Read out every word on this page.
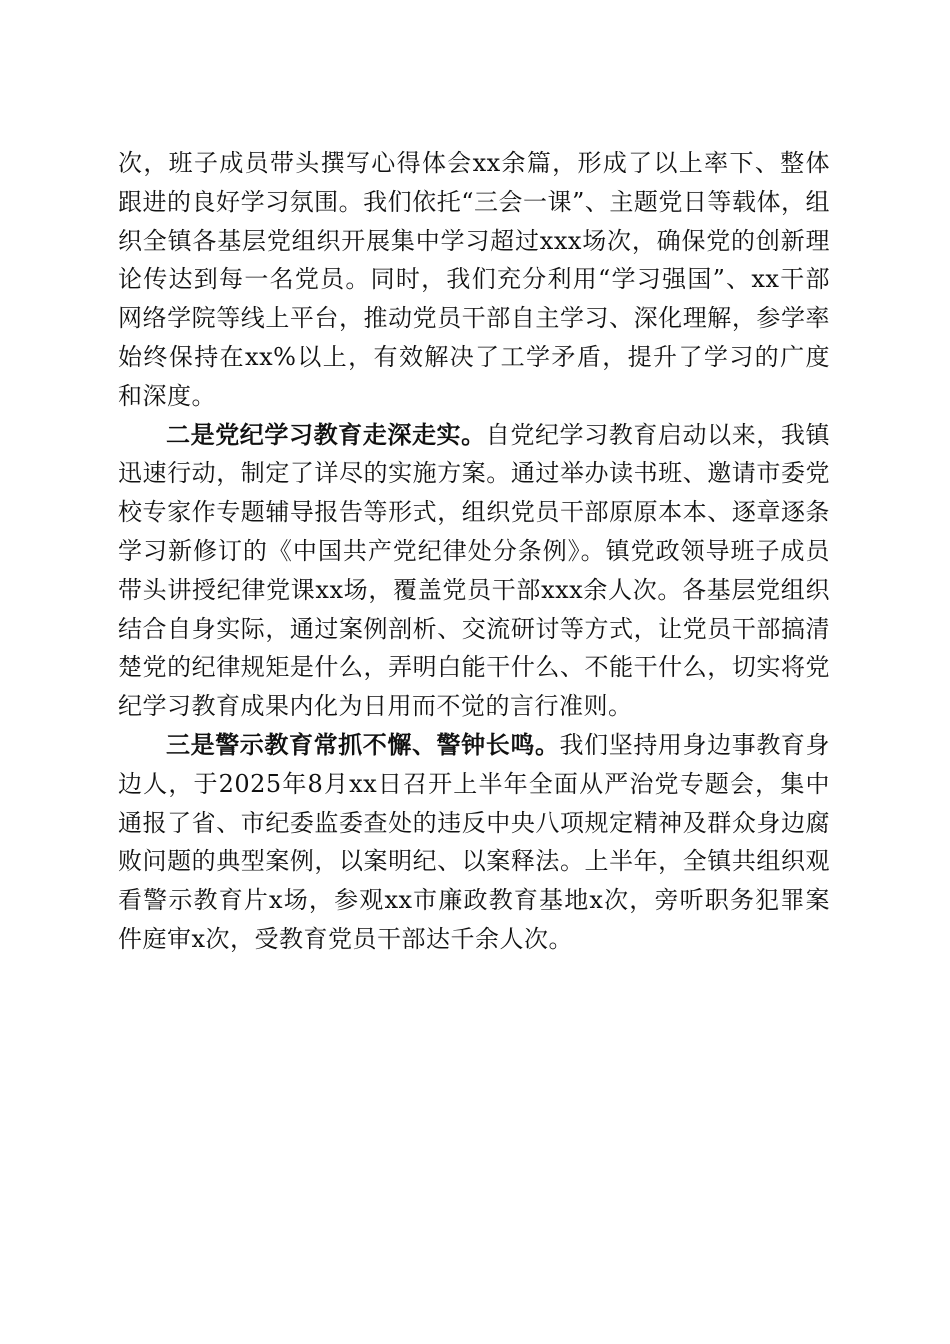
次，班子成员带头撰写心得体会xx余篇，形成了以上率下、整体跟进的良好学习氛围。我们依托“三会一课”、主题党日等载体，组织全镇各基层党组织开展集中学习超过xxx场次，确保党的创新理论传达到每一名党员。同时，我们充分利用“学习强国”、xx干部网络学院等线上平台，推动党员干部自主学习、深化理解，参学率始终保持在xx%以上，有效解决了工学矛盾，提升了学习的广度和深度。

二是党纪学习教育走深走实。自党纪学习教育启动以来，我镇迅速行动，制定了详尽的实施方案。通过举办读书班、邀请市委党校专家作专题辅导报告等形式，组织党员干部原原本本、逐章逐条学习新修订的《中国共产党纪律处分条例》。镇党政领导班子成员带头讲授纪律党课xx场，覆盖党员干部xxx余人次。各基层党组织结合自身实际，通过案例剖析、交流研讨等方式，让党员干部搞清楚党的纪律规矩是什么，弄明白能干什么、不能干什么，切实将党纪学习教育成果内化为日用而不觉的言行准则。

三是警示教育常抓不懈、警钟长鸣。我们坚持用身边事教育身边人，于2025年8月xx日召开上半年全面从严治党专题会，集中通报了省、市纪委监委查处的违反中央八项规定精神及群众身边腐败问题的典型案例，以案明纪、以案释法。上半年，全镇共组织观看警示教育片x场，参观xx市廉政教育基地x次，旁听职务犯罪案件庭审x次，受教育党员干部达千余人次。
